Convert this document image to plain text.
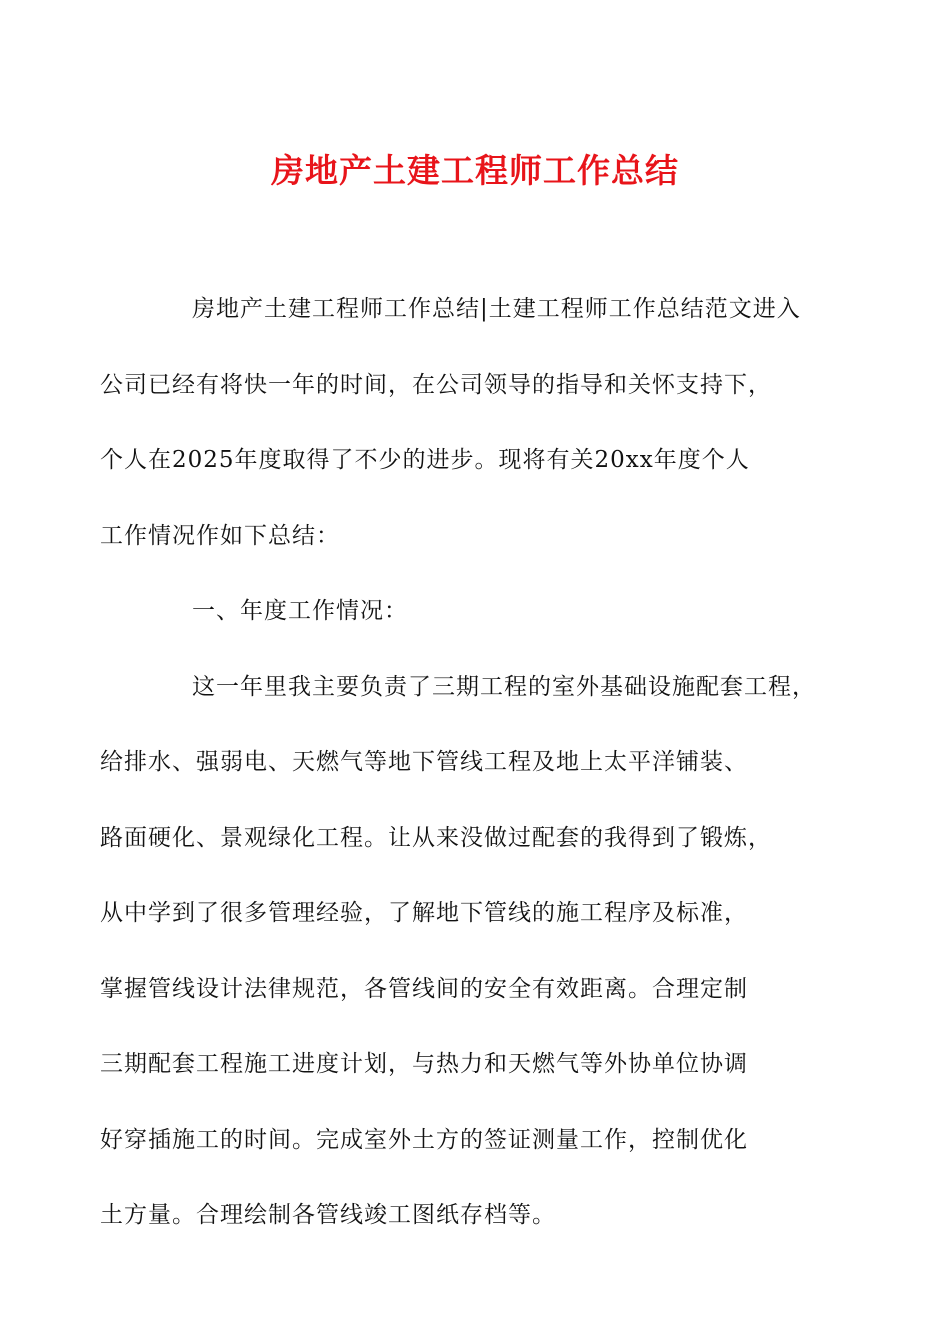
房地产土建工程师工作总结

房地产土建工程师工作总结|土建工程师工作总结范文进入
公司已经有将快一年的时间，在公司领导的指导和关怀支持下，
个人在2025年度取得了不少的进步。现将有关20xx年度个人
工作情况作如下总结：

一、年度工作情况：

这一年里我主要负责了三期工程的室外基础设施配套工程，
给排水、强弱电、天燃气等地下管线工程及地上太平洋铺装、
路面硬化、景观绿化工程。让从来没做过配套的我得到了锻炼，
从中学到了很多管理经验，了解地下管线的施工程序及标准，
掌握管线设计法律规范，各管线间的安全有效距离。合理定制
三期配套工程施工进度计划，与热力和天燃气等外协单位协调
好穿插施工的时间。完成室外土方的签证测量工作，控制优化
土方量。合理绘制各管线竣工图纸存档等。
